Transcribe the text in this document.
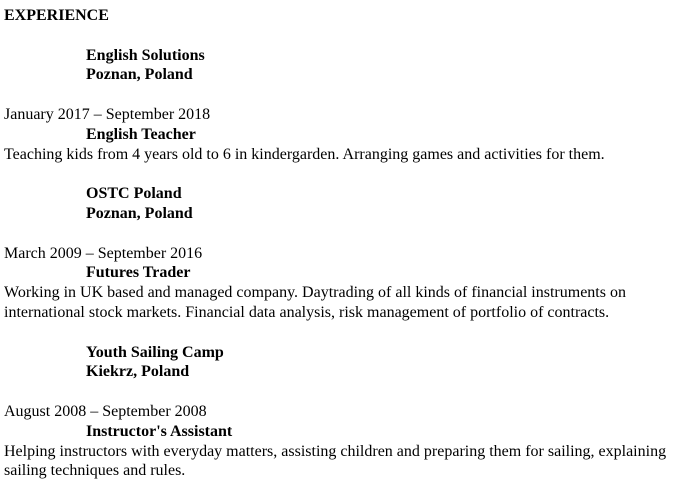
EXPERIENCE
English Solutions
Poznan, Poland
January 2017 – September 2018
English Teacher

Teaching kids from 4 years old to 6 in kindergarden. Arranging games and activities for them.

OSTC Poland
Poznan, Poland
March 2009 – September 2016
Futures Trader

Working in UK based and managed company. Daytrading of all kinds of financial instruments on international stock markets. Financial data analysis, risk management of portfolio of contracts.

Youth Sailing Camp
Kiekrz, Poland
August 2008 – September 2008
Instructor's Assistant

Helping instructors with everyday matters, assisting children and preparing them for sailing, explaining sailing techniques and rules.
